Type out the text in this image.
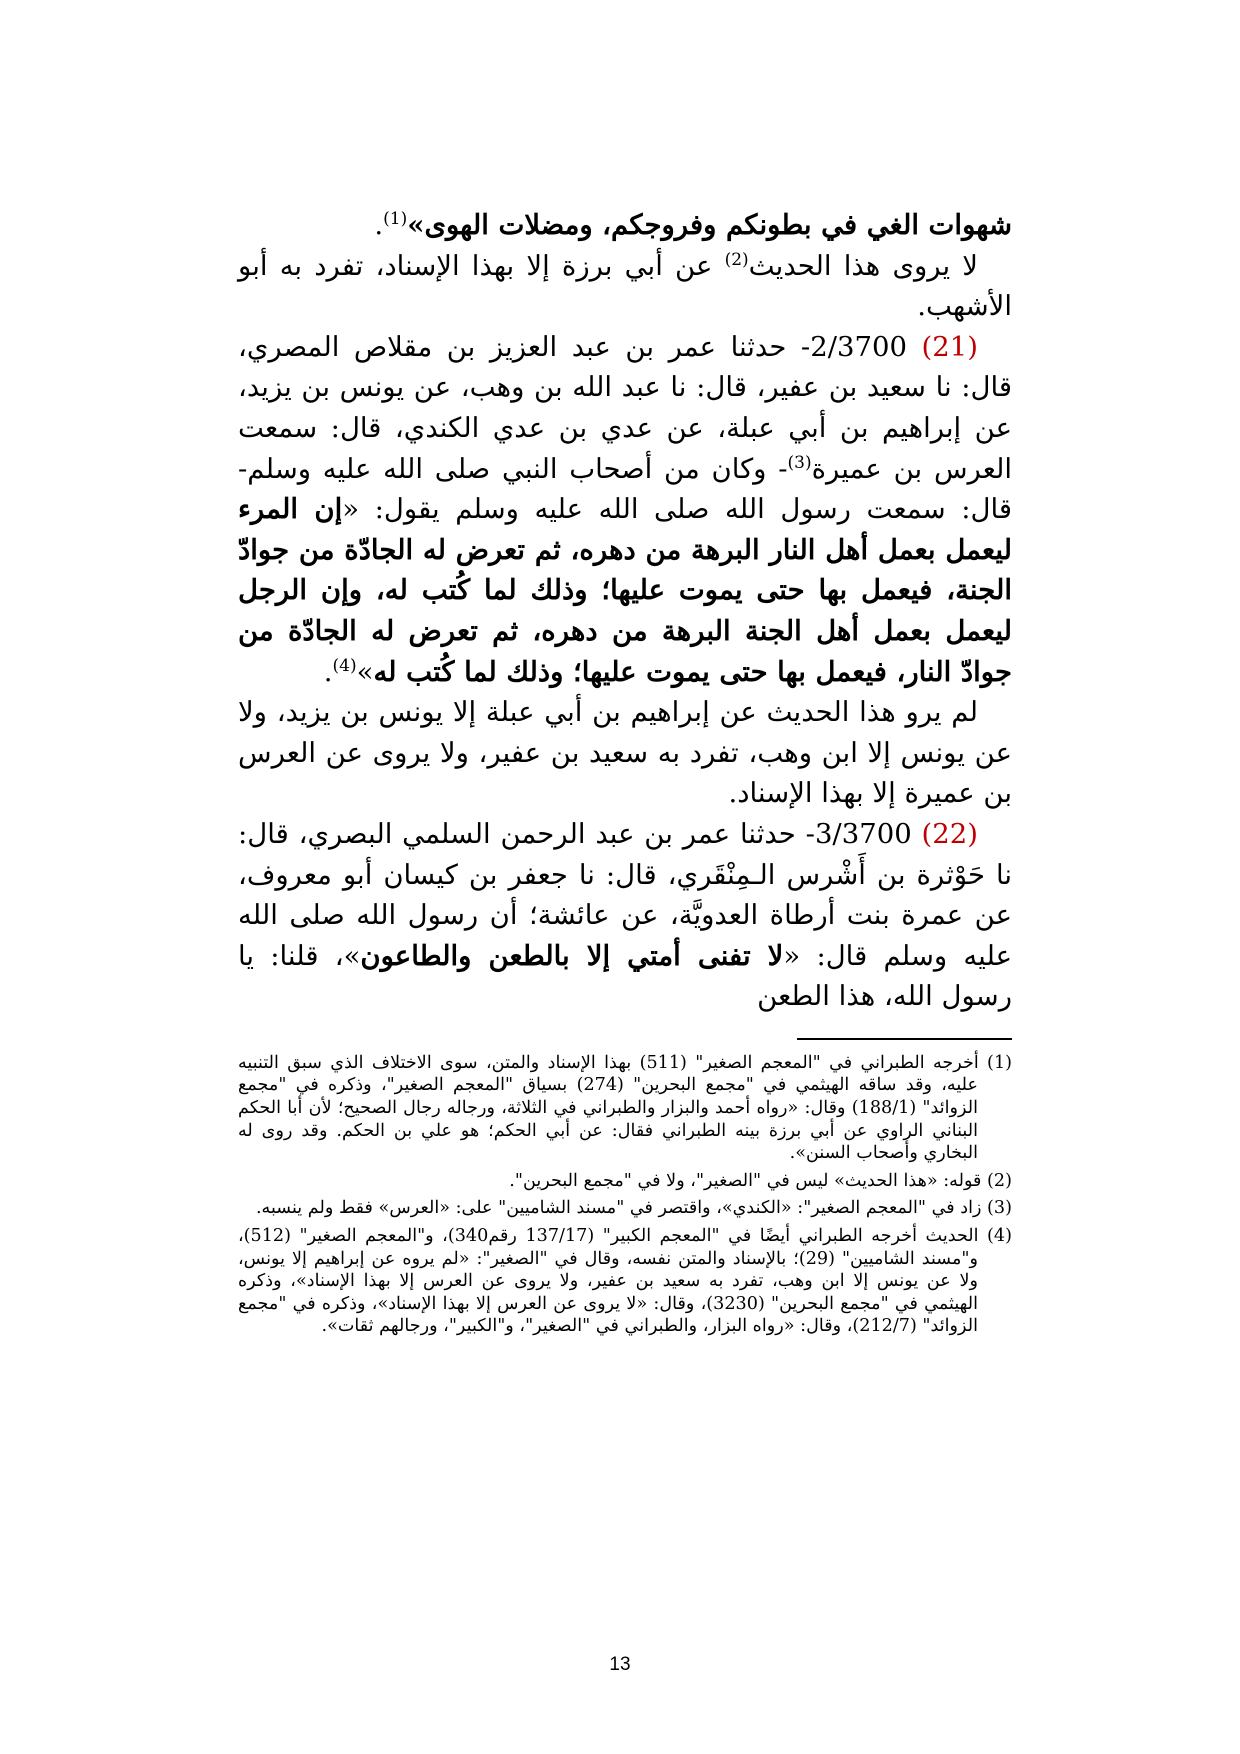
شهوات الغي في بطونكم وفروجكم، ومضلات الهوى»$^{(1)}$.

لا يروى هذا الحديث$^{(2)}$ عن أبي برزة إلا بهذا الإسناد، تفرد به أبو الأشهب.

(21) 2/3700- حدثنا عمر بن عبد العزيز بن مقلاص المصري، قال: نا سعيد بن عفير، قال: نا عبد الله بن وهب، عن يونس بن يزيد، عن إبراهيم بن أبي عبلة، عن عدي بن عدي الكندي، قال: سمعت العرس بن عميرة$^{(3)}$- وكان من أصحاب النبي صلى الله عليه وسلم- قال: سمعت رسول الله صلى الله عليه وسلم يقول: «إن المرء ليعمل بعمل أهل النار البرهة من دهره، ثم تعرض له الجادّة من جوادّ الجنة، فيعمل بها حتى يموت عليها؛ وذلك لما كُتب له، وإن الرجل ليعمل بعمل أهل الجنة البرهة من دهره، ثم تعرض له الجادّة من جوادّ النار، فيعمل بها حتى يموت عليها؛ وذلك لما كُتب له»$^{(4)}$.

لم يرو هذا الحديث عن إبراهيم بن أبي عبلة إلا يونس بن يزيد، ولا عن يونس إلا ابن وهب، تفرد به سعيد بن عفير، ولا يروى عن العرس بن عميرة إلا بهذا الإسناد.

(22) 3/3700- حدثنا عمر بن عبد الرحمن السلمي البصري، قال: نا حَوْثرة بن أَشْرس الـمِنْقَري، قال: نا جعفر بن كيسان أبو معروف، عن عمرة بنت أرطاة العدويَّة، عن عائشة؛ أن رسول الله صلى الله عليه وسلم قال: «لا تفنى أمتي إلا بالطعن والطاعون»، قلنا: يا رسول الله، هذا الطعن

(1) أخرجه الطبراني في "المعجم الصغير" (511) بهذا الإسناد والمتن، سوى الاختلاف الذي سبق التنبيه عليه، وقد ساقه الهيثمي في "مجمع البحرين" (274) بسياق "المعجم الصغير"، وذكره في "مجمع الزوائد" (188/1) وقال: «رواه أحمد والبزار والطبراني في الثلاثة، ورجاله رجال الصحيح؛ لأن أبا الحكم البناني الراوي عن أبي برزة بينه الطبراني فقال: عن أبي الحكم؛ هو علي بن الحكم. وقد روى له البخاري وأصحاب السنن».

(2) قوله: «هذا الحديث» ليس في "الصغير"، ولا في "مجمع البحرين".

(3) زاد في "المعجم الصغير": «الكندي»، واقتصر في "مسند الشاميين" على: «العرس» فقط ولم ينسبه.

(4) الحديث أخرجه الطبراني أيضًا في "المعجم الكبير" (137/17 رقم340)، و"المعجم الصغير" (512)، و"مسند الشاميين" (29)؛ بالإسناد والمتن نفسه، وقال في "الصغير": «لم يروه عن إبراهيم إلا يونس، ولا عن يونس إلا ابن وهب، تفرد به سعيد بن عفير، ولا يروى عن العرس إلا بهذا الإسناد»، وذكره الهيثمي في "مجمع البحرين" (3230)، وقال: «لا يروى عن العرس إلا بهذا الإسناد»، وذكره في "مجمع الزوائد" (212/7)، وقال: «رواه البزار، والطبراني في "الصغير"، و"الكبير"، ورجالهم ثقات».

13
